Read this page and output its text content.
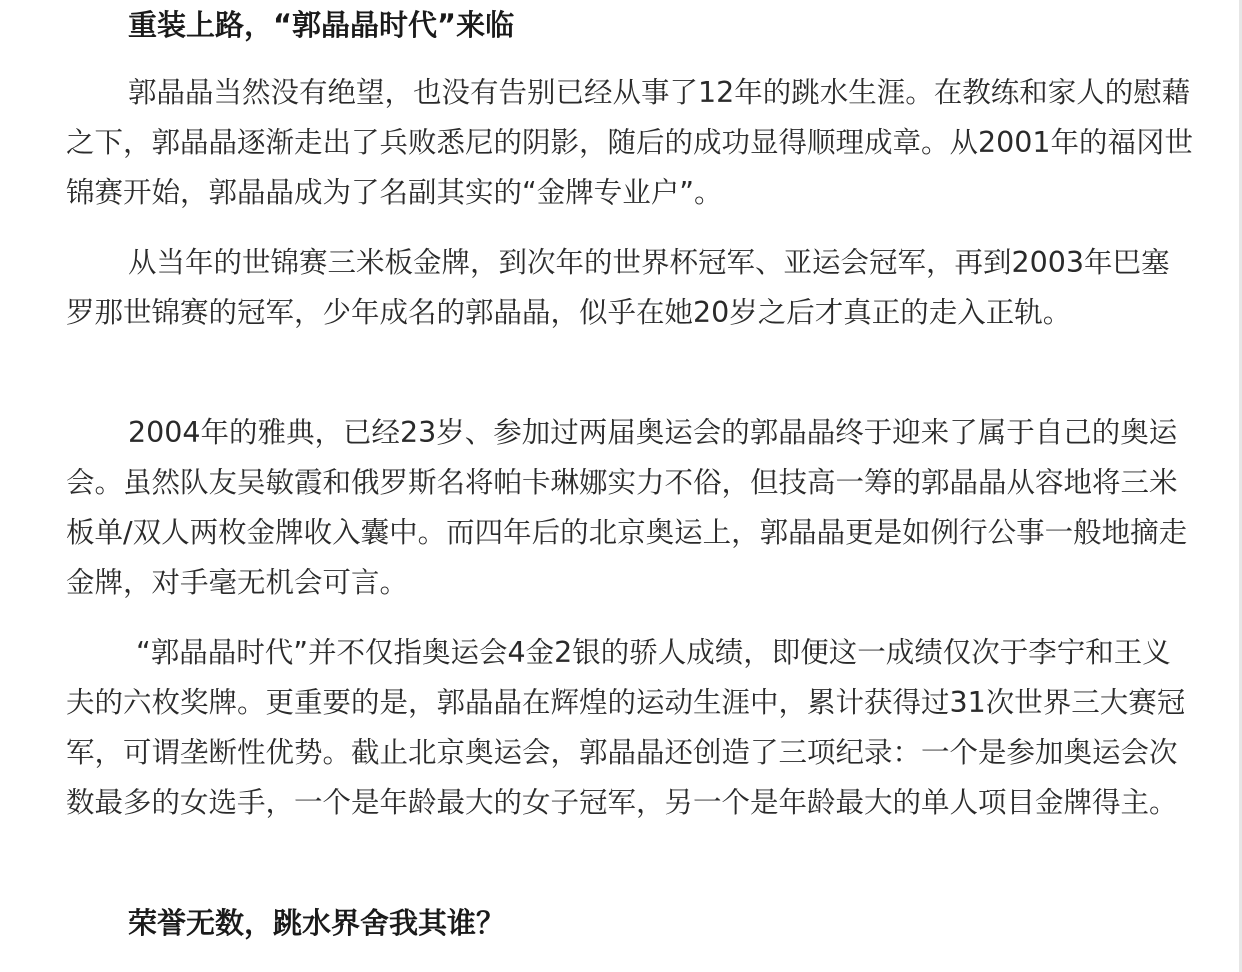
重装上路，“郭晶晶时代”来临

郭晶晶当然没有绝望，也没有告别已经从事了12年的跳水生涯。在教练和家人的慰藉之下，郭晶晶逐渐走出了兵败悉尼的阴影，随后的成功显得顺理成章。从2001年的福冈世锦赛开始，郭晶晶成为了名副其实的“金牌专业户”。

从当年的世锦赛三米板金牌，到次年的世界杯冠军、亚运会冠军，再到2003年巴塞罗那世锦赛的冠军，少年成名的郭晶晶，似乎在她20岁之后才真正的走入正轨。

2004年的雅典，已经23岁、参加过两届奥运会的郭晶晶终于迎来了属于自己的奥运会。虽然队友吴敏霞和俄罗斯名将帕卡琳娜实力不俗，但技高一筹的郭晶晶从容地将三米板单/双人两枚金牌收入囊中。而四年后的北京奥运上，郭晶晶更是如例行公事一般地摘走金牌，对手毫无机会可言。

“郭晶晶时代”并不仅指奥运会4金2银的骄人成绩，即便这一成绩仅次于李宁和王义夫的六枚奖牌。更重要的是，郭晶晶在辉煌的运动生涯中，累计获得过31次世界三大赛冠军，可谓垄断性优势。截止北京奥运会，郭晶晶还创造了三项纪录：一个是参加奥运会次数最多的女选手，一个是年龄最大的女子冠军，另一个是年龄最大的单人项目金牌得主。

荣誉无数，跳水界舍我其谁？
